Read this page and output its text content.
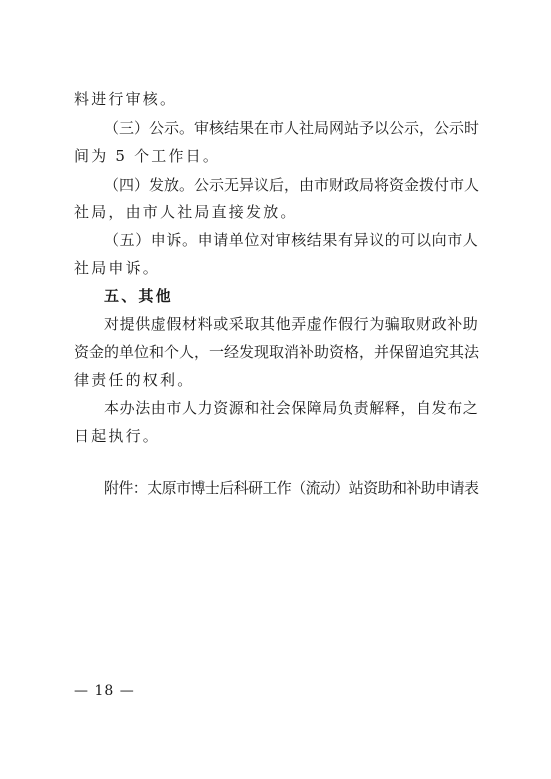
料进行审核。
（三）公示。审核结果在市人社局网站予以公示，公示时
间为 5 个工作日。
（四）发放。公示无异议后，由市财政局将资金拨付市人
社局，由市人社局直接发放。
（五）申诉。申请单位对审核结果有异议的可以向市人
社局申诉。
五、其他
对提供虚假材料或采取其他弄虚作假行为骗取财政补助
资金的单位和个人，一经发现取消补助资格，并保留追究其法
律责任的权利。
本办法由市人力资源和社会保障局负责解释，自发布之
日起执行。
附件：太原市博士后科研工作（流动）站资助和补助申请表
— 18 —
